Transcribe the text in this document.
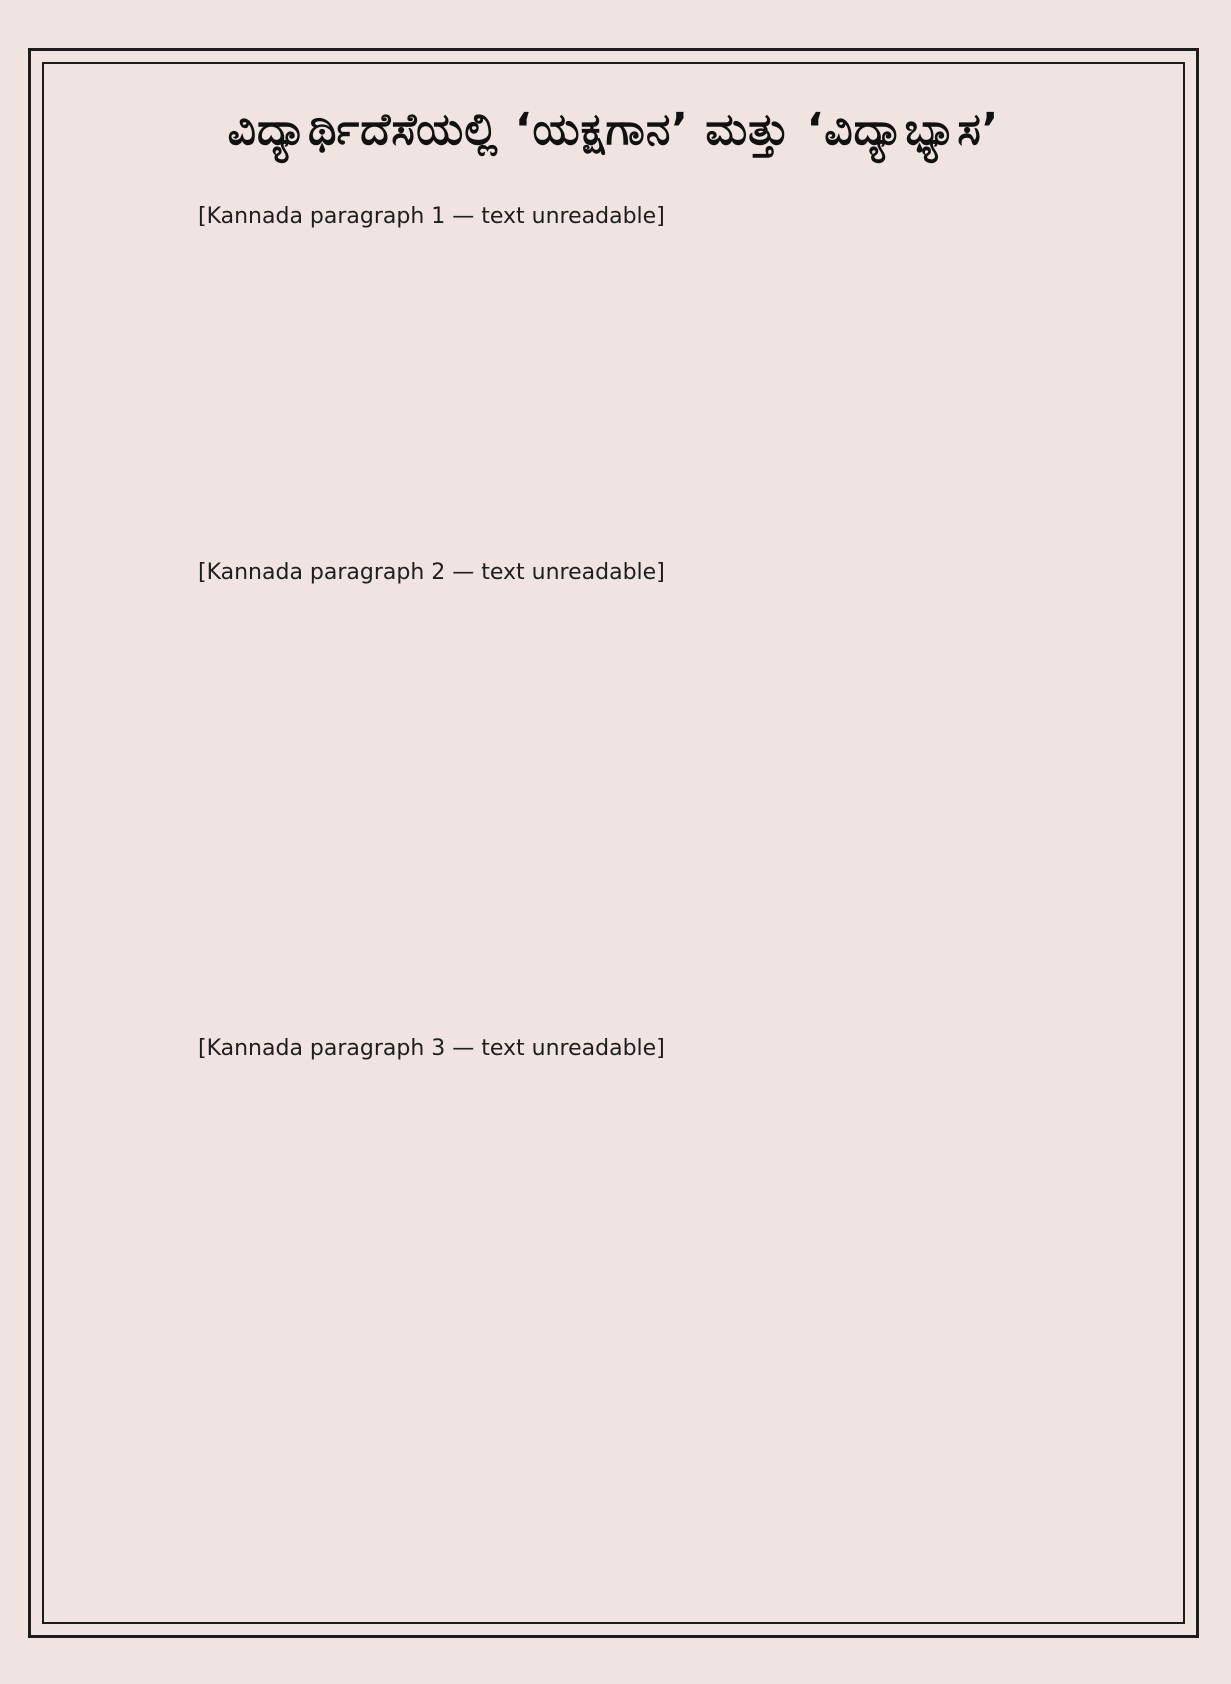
ವಿದ್ಯಾರ್ಥಿದೆಸೆಯಲ್ಲಿ ‘ಯಕ್ಷಗಾನ’ ಮತ್ತು ‘ವಿದ್ಯಾಭ್ಯಾಸ’

[Kannada paragraph 1 — text unreadable]

[Kannada paragraph 2 — text unreadable]

[Kannada paragraph 3 — text unreadable]
